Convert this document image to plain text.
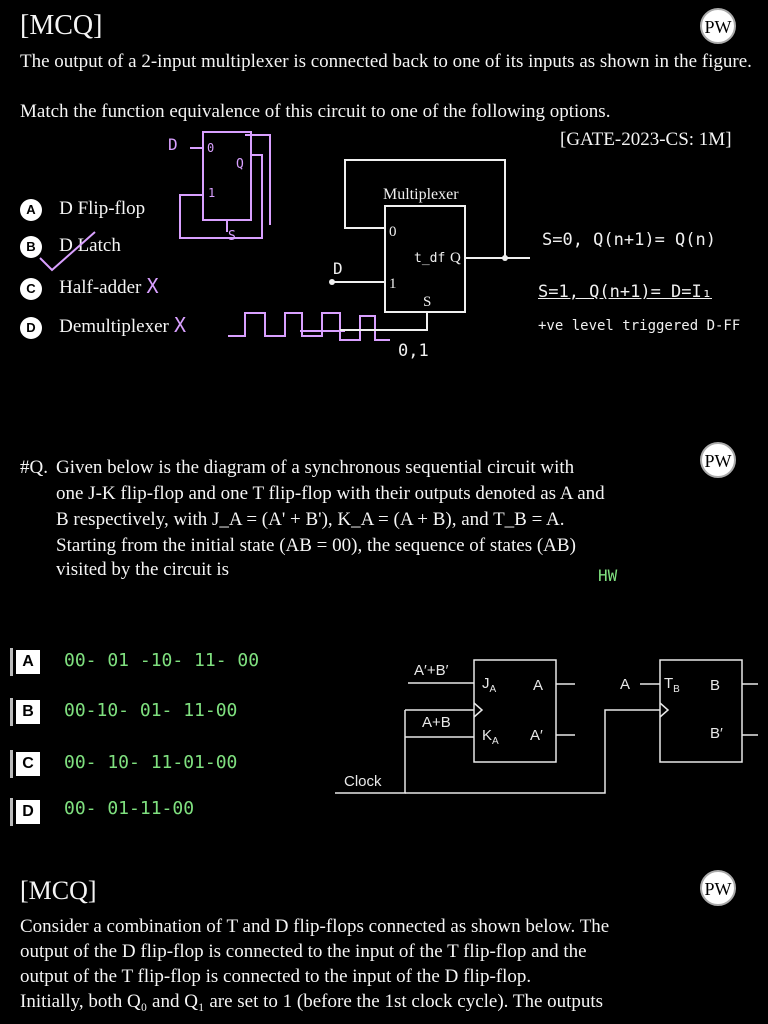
[MCQ]	PW
The output of a 2-input multiplexer is connected back to one of its inputs as shown in the figure.
Match the function equivalence of this circuit to one of the following options.
[GATE-2023-CS: 1M]
A D Flip-flop
B D Latch
C Half-adder X
D Demultiplexer X
D 0
1
Q
S
Multiplexer
0
1
Q
S
t_df
D
0,1
S=0, Q(n+1)= Q(n)
S=1, Q(n+1)= D=I₁
+ve level triggered D-FF
PW
#Q. Given below is the diagram of a synchronous sequential circuit with
one J-K flip-flop and one T flip-flop with their outputs denoted as A and
B respectively, with J_A = (A' + B'), K_A = (A + B), and T_B = A.
Starting from the initial state (AB = 00), the sequence of states (AB)
visited by the circuit is	HW
A	00- 01 -10- 11- 00
B	00-10- 01- 11-00
C	00- 10- 11-01-00
D	00- 01-11-00
A′+B′
A+B
$J_A$
$K_A$
A
A′
A $T_B$ B
B′
Clock
[MCQ]	PW
Consider a combination of T and D flip-flops connected as shown below. The
output of the D flip-flop is connected to the input of the T flip-flop and the
output of the T flip-flop is connected to the input of the D flip-flop.
Initially, both Q₀ and Q₁ are set to 1 (before the 1st clock cycle). The outputs
